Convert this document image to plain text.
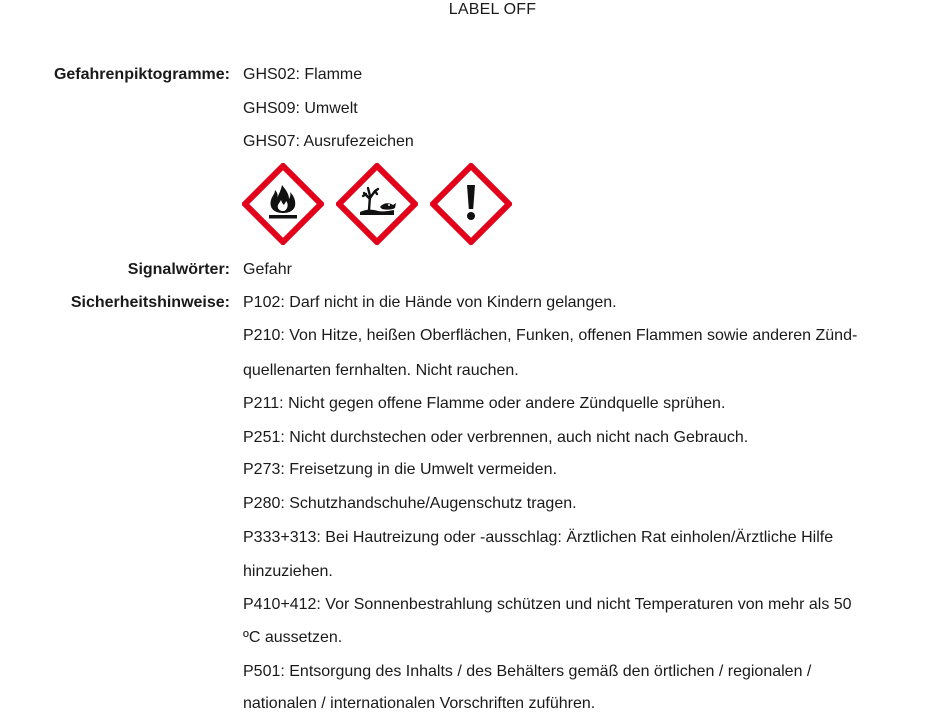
LABEL OFF
Gefahrenpiktogramme: GHS02: Flamme
GHS09: Umwelt
GHS07: Ausrufezeichen
Signalwörter: Gefahr
Sicherheitshinweise: P102: Darf nicht in die Hände von Kindern gelangen.
P210: Von Hitze, heißen Oberflächen, Funken, offenen Flammen sowie anderen Zünd-
quellenarten fernhalten. Nicht rauchen.
P211: Nicht gegen offene Flamme oder andere Zündquelle sprühen.
P251: Nicht durchstechen oder verbrennen, auch nicht nach Gebrauch.
P273: Freisetzung in die Umwelt vermeiden.
P280: Schutzhandschuhe/Augenschutz tragen.
P333+313: Bei Hautreizung oder -ausschlag: Ärztlichen Rat einholen/Ärztliche Hilfe
hinzuziehen.
P410+412: Vor Sonnenbestrahlung schützen und nicht Temperaturen von mehr als 50
ºC aussetzen.
P501: Entsorgung des Inhalts / des Behälters gemäß den örtlichen / regionalen /
nationalen / internationalen Vorschriften zuführen.
